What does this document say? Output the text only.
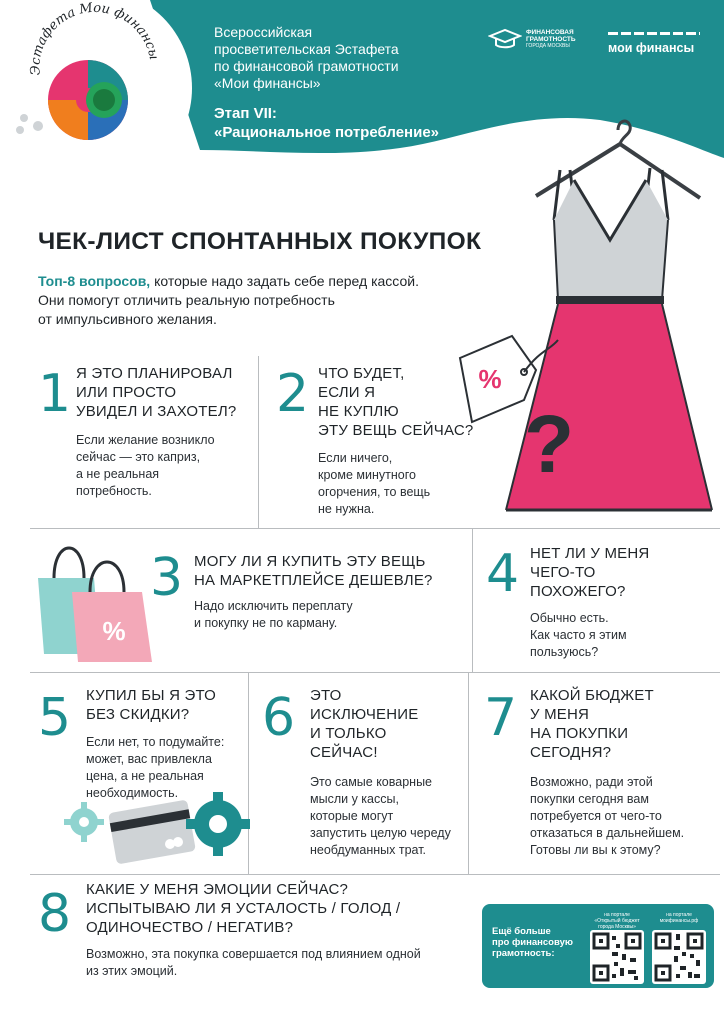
Эстафета Мои финансы
Всероссийская
просветительская Эстафета
по финансовой грамотности
«Мои финансы»
Этап VII:
«Рациональное потребление»
ФИНАНСОВАЯ
ГРАМОТНОСТЬ
ГОРОДА МОСКВЫ	мои финансы
ЧЕК-ЛИСТ СПОНТАННЫХ ПОКУПОК
Топ-8 вопросов, которые надо задать себе перед кассой.
Они помогут отличить реальную потребность
от импульсивного желания.
%
?
1 Я ЭТО ПЛАНИРОВАЛ
ИЛИ ПРОСТО
УВИДЕЛ И ЗАХОТЕЛ?
Если желание возникло
сейчас — это каприз,
а не реальная
потребность.
2 ЧТО БУДЕТ,
ЕСЛИ Я
НЕ КУПЛЮ
ЭТУ ВЕЩЬ СЕЙЧАС?
Если ничего,
кроме минутного
огорчения, то вещь
не нужна.
%
3 МОГУ ЛИ Я КУПИТЬ ЭТУ ВЕЩЬ
НА МАРКЕТПЛЕЙСЕ ДЕШЕВЛЕ?
Надо исключить переплату
и покупку не по карману.
4 НЕТ ЛИ У МЕНЯ
ЧЕГО-ТО
ПОХОЖЕГО?
Обычно есть.
Как часто я этим
пользуюсь?
5 КУПИЛ БЫ Я ЭТО
БЕЗ СКИДКИ?
Если нет, то подумайте:
может, вас привлекла
цена, а не реальная
необходимость.
6 ЭТО
ИСКЛЮЧЕНИЕ
И ТОЛЬКО
СЕЙЧАС!
Это самые коварные
мысли у кассы,
которые могут
запустить целую череду
необдуманных трат.
7 КАКОЙ БЮДЖЕТ
У МЕНЯ
НА ПОКУПКИ
СЕГОДНЯ?
Возможно, ради этой
покупки сегодня вам
потребуется от чего-то
отказаться в дальнейшем.
Готовы ли вы к этому?
8 КАКИЕ У МЕНЯ ЭМОЦИИ СЕЙЧАС?
ИСПЫТЫВАЮ ЛИ Я УСТАЛОСТЬ / ГОЛОД /
ОДИНОЧЕСТВО / НЕГАТИВ?
Возможно, эта покупка совершается под влиянием одной
из этих эмоций.
Ещё больше
про финансовую
грамотность:
на портале
«Открытый бюджет
города Москвы»
на портале
моифинансы.рф
